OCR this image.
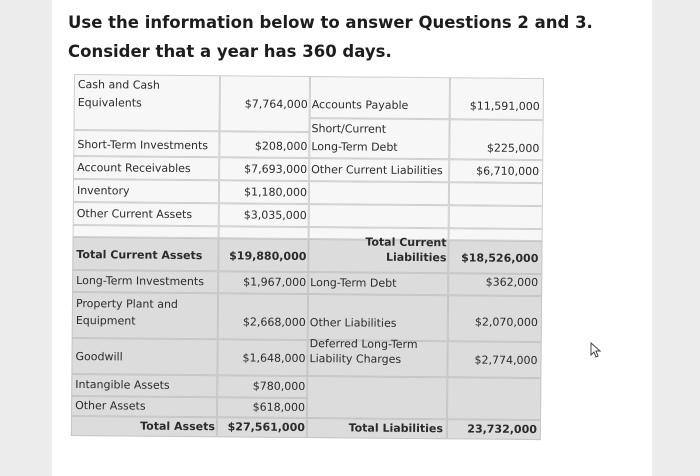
Use the information below to answer Questions 2 and 3.
Consider that a year has 360 days.
Cash and Cash
Equivalents
Short-Term Investments
Account Receivables
Inventory
Other Current Assets
Total Current Assets
Long-Term Investments
Property Plant and
Equipment
Goodwill
Intangible Assets
Other Assets
Total Assets
$7,764,000
$208,000
$7,693,000
$1,180,000
$3,035,000
$19,880,000
$1,967,000
$2,668,000
$1,648,000
$780,000
$618,000
$27,561,000
Accounts Payable
Short/Current
Long-Term Debt
Other Current Liabilities
Total Current
Liabilities
Long-Term Debt
Other Liabilities
Deferred Long-Term
Liability Charges
Total Liabilities
$11,591,000
$225,000
$6,710,000
$18,526,000
$362,000
$2,070,000
$2,774,000
23,732,000
